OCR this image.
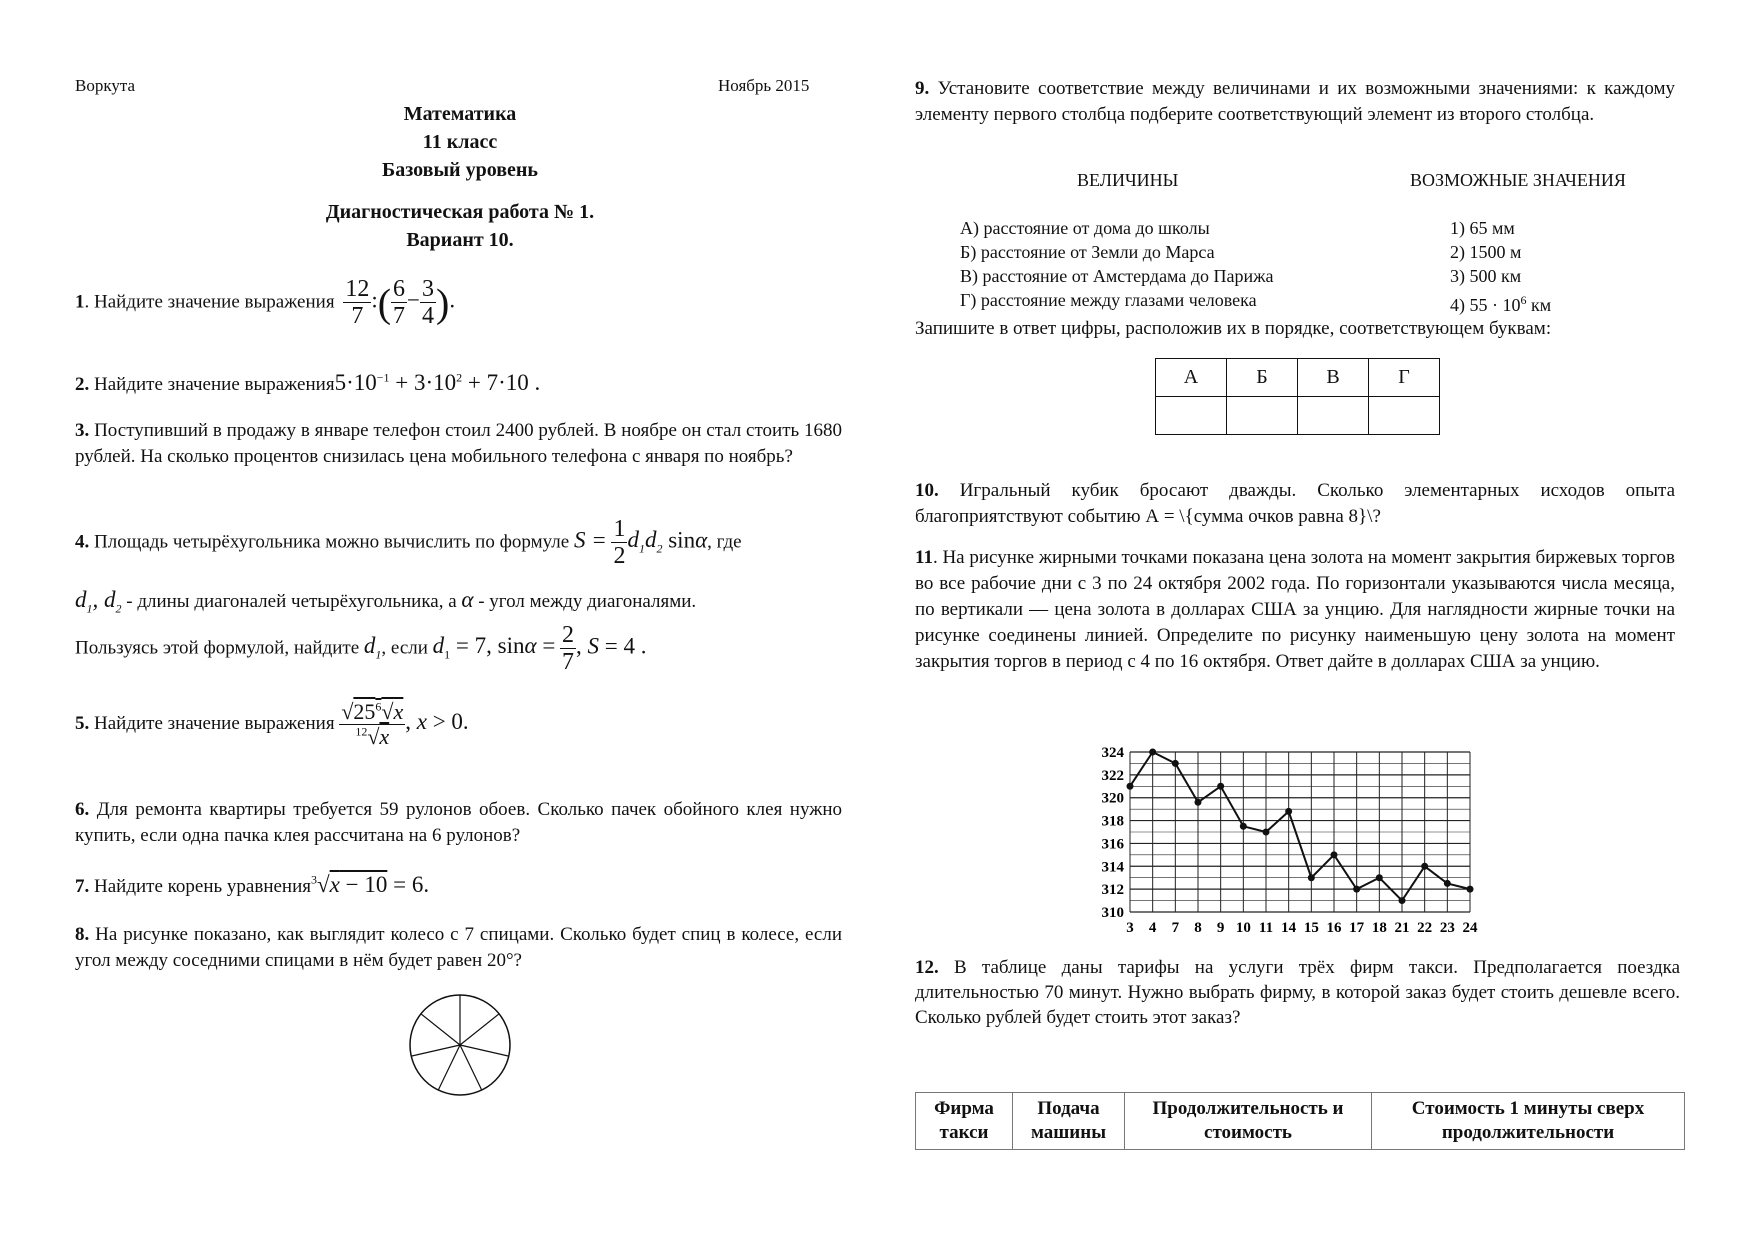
Воркута	Ноябрь 2015
Математика
11 класс
Базовый уровень
Диагностическая работа № 1.
Вариант 10.
1. Найдите значение выражения $\frac{12}{7}$ :( $\frac{6}{7} - \frac{3}{4}$ ).
2. Найдите значение $выражения5\cdot 10^{-1} + 3\cdot 10^2 + 7\cdot 10$ .
3. Поступивший в продажу в январе телефон стоил 2400 рублей. В ноябре он стал стоить 1680 рублей. На сколько процентов снизилась цена мобильного телефона с января по ноябрь?
4. Площадь четырёхугольника можно вычислить по формуле $S = \frac{1}{2} d_1d_2$ sinα, где
$d_1$, $d_2$ - длины диагоналей четырёхугольника, а α - угол между диагоналями.
Пользуясь этой формулой, найдите $d_1$, если $d_1 = 7$, $\sin\alpha = \frac{2}{7}$ , S = 4 .
5. Найдите значение выражения $\frac{√25^6√x}{^{12}√x}$ , x > 0.
6. Для ремонта квартиры требуется 59 рулонов обоев. Сколько пачек обойного клея нужно купить, если одна пачка клея рассчитана на 6 рулонов?
7. Найдите корень уравнения$^3$√x − 10 = 6.
8. На рисунке показано, как выглядит колесо с 7 спицами. Сколько будет спиц в колесе, если угол между соседними спицами в нём будет равен 20°?
9. Установите соответствие между величинами и их возможными значениями: к каждому элементу первого столбца подберите соответствующий элемент из второго столбца.
ВЕЛИЧИНЫ	ВОЗМОЖНЫЕ ЗНАЧЕНИЯ
А) расстояние от дома до школы	1) 65 мм
Б) расстояние от Земли до Марса	2) 1500 м
В) расстояние от Амстердама до Парижа	3) 500 км
Г) расстояние между глазами человека	4) $55 \cdot 10^6$ км
Запишите в ответ цифры, расположив их в порядке, соответствующем буквам:
А	Б	В	Г

10. Игральный кубик бросают дважды. Сколько элементарных исходов опыта благоприятствуют событию А = \{сумма очков равна 8}\?
11. На рисунке жирными точками показана цена золота на момент закрытия биржевых торгов во все рабочие дни с 3 по 24 октября 2002 года. По горизонтали указываются числа месяца, по вертикали — цена золота в долларах США за унцию. Для наглядности жирные точки на рисунке соединены линией. Определите по рисунку наименьшую цену золота на момент закрытия торгов в период с 4 по 16 октября. Ответ дайте в долларах США за унцию.
310
312
314
316
318
320
322
324
3 4 7 8 9 10 11 14 15 16 17 18 21 22 23 24
12. В таблице даны тарифы на услуги трёх фирм такси. Предполагается поездка длительностью 70 минут. Нужно выбрать фирму, в которой заказ будет стоить дешевле всего. Сколько рублей будет стоить этот заказ?
Фирма такси	Подача машины	Продолжительность и стоимость	Стоимость 1 минуты сверх продолжительности
